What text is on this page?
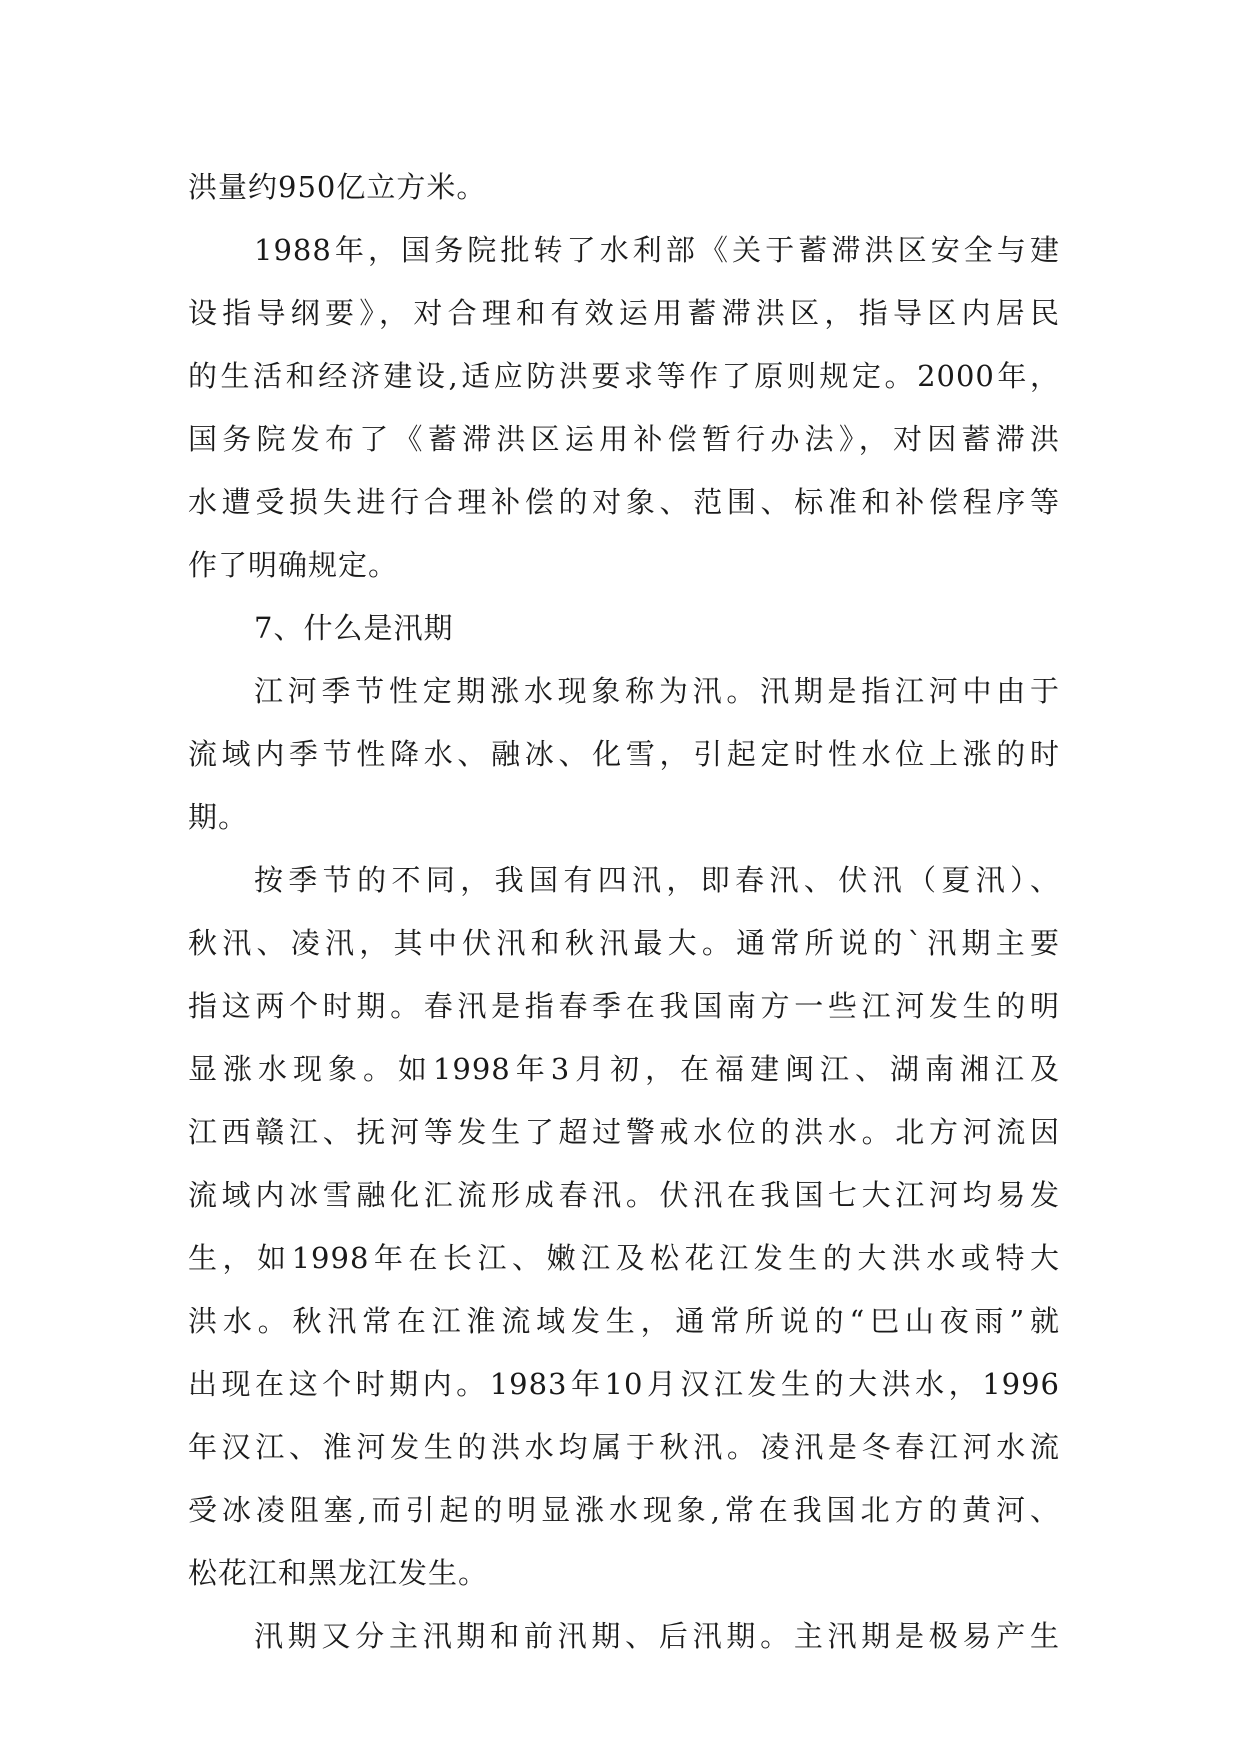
洪量约950亿立方米。
1988年，国务院批转了水利部《关于蓄滞洪区安全与建
设指导纲要》，对合理和有效运用蓄滞洪区，指导区内居民
的生活和经济建设,适应防洪要求等作了原则规定。2000年，
国务院发布了《蓄滞洪区运用补偿暂行办法》，对因蓄滞洪
水遭受损失进行合理补偿的对象、范围、标准和补偿程序等
作了明确规定。
7、什么是汛期
江河季节性定期涨水现象称为汛。汛期是指江河中由于
流域内季节性降水、融冰、化雪，引起定时性水位上涨的时
期。
按季节的不同，我国有四汛，即春汛、伏汛（夏汛）、
秋汛、凌汛，其中伏汛和秋汛最大。通常所说的`汛期主要
指这两个时期。春汛是指春季在我国南方一些江河发生的明
显涨水现象。如1998年3月初，在福建闽江、湖南湘江及
江西赣江、抚河等发生了超过警戒水位的洪水。北方河流因
流域内冰雪融化汇流形成春汛。伏汛在我国七大江河均易发
生，如1998年在长江、嫩江及松花江发生的大洪水或特大
洪水。秋汛常在江淮流域发生，通常所说的“巴山夜雨”就
出现在这个时期内。1983年10月汉江发生的大洪水，1996
年汉江、淮河发生的洪水均属于秋汛。凌汛是冬春江河水流
受冰凌阻塞,而引起的明显涨水现象,常在我国北方的黄河、
松花江和黑龙江发生。
汛期又分主汛期和前汛期、后汛期。主汛期是极易产生
